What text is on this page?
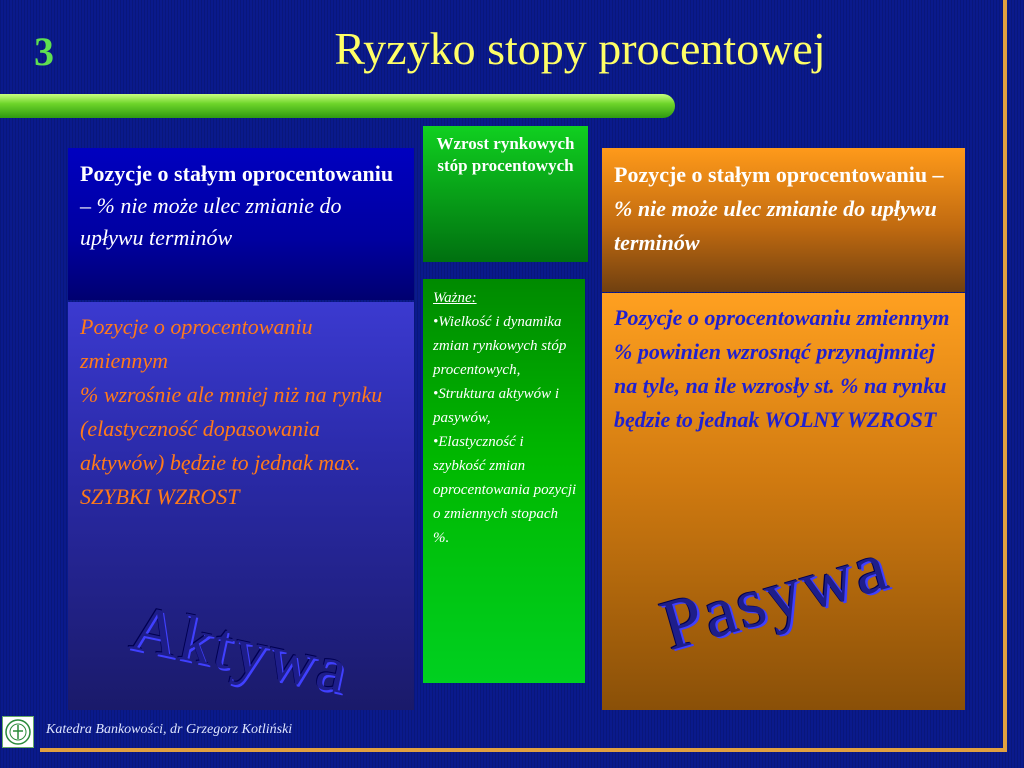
3	Ryzyko stopy procentowej
Pozycje o stałym oprocentowaniu – % nie może ulec zmianie do upływu terminów
Pozycje o oprocentowaniu zmiennym
% wzrośnie ale mniej niż na rynku (elastyczność dopasowania aktywów) będzie to jednak max. SZYBKI WZROST
Aktywa
Wzrost rynkowych stóp procentowych
Ważne:
•Wielkość i dynamika zmian rynkowych stóp procentowych,
•Struktura aktywów i pasywów,
•Elastyczność i szybkość zmian oprocentowania pozycji o zmiennych stopach %.
Pozycje o stałym oprocentowaniu – % nie może ulec zmianie do upływu terminów
Pozycje o oprocentowaniu zmiennym
% powinien wzrosnąć przynajmniej na tyle, na ile wzrosły st. % na rynku będzie to jednak WOLNY WZROST
Pasywa
Katedra Bankowości, dr Grzegorz Kotliński
